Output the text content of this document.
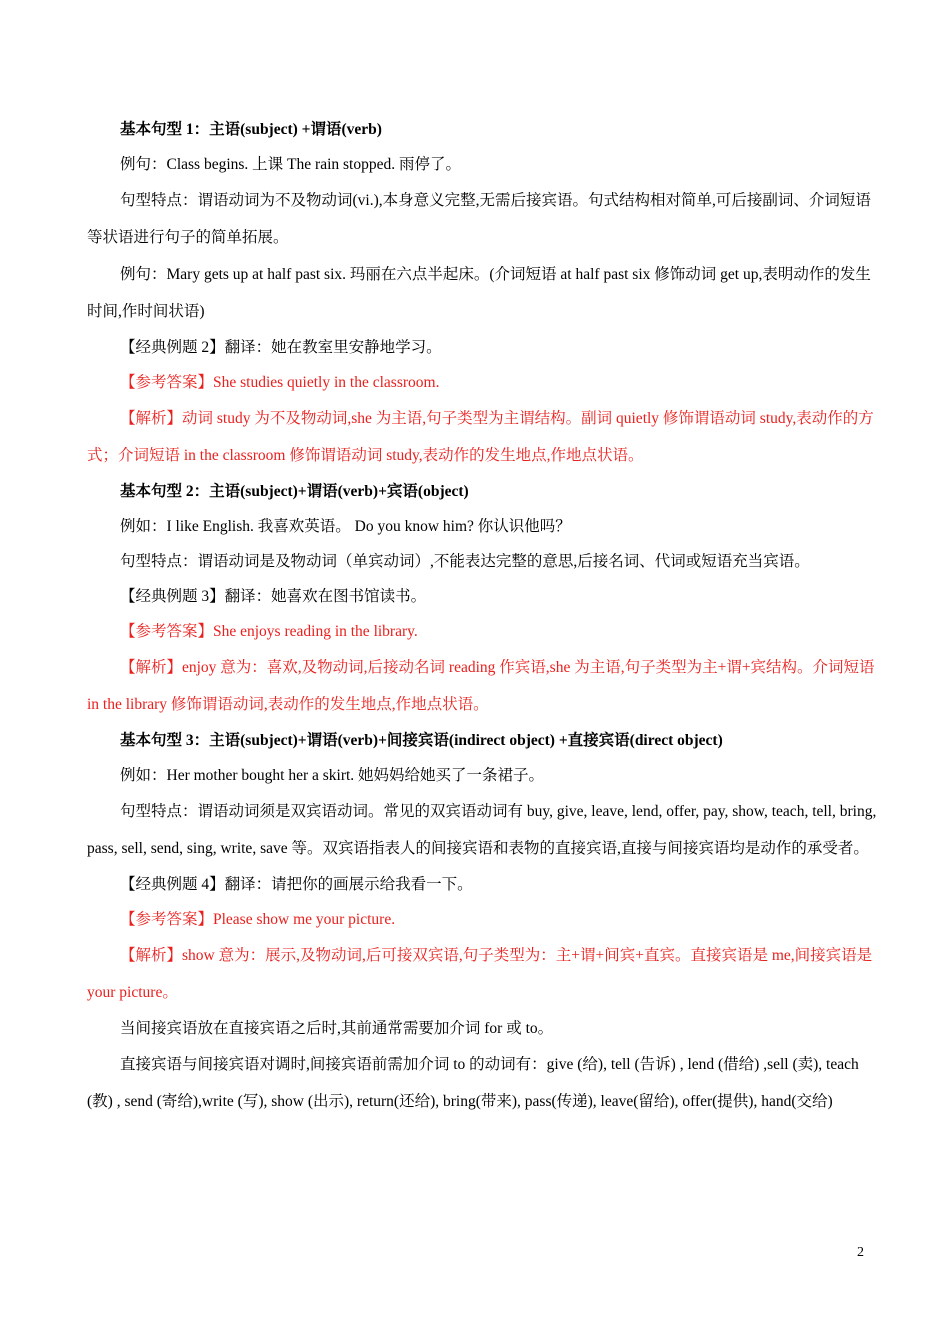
基本句型 1：主语(subject) +谓语(verb)

例句：Class begins. 上课 The rain stopped. 雨停了。

句型特点：谓语动词为不及物动词(vi.),本身意义完整,无需后接宾语。句式结构相对简单,可后接副词、介词短语等状语进行句子的简单拓展。

例句：Mary gets up at half past six. 玛丽在六点半起床。(介词短语 at half past six 修饰动词 get up,表明动作的发生时间,作时间状语)

【经典例题 2】翻译：她在教室里安静地学习。

【参考答案】She studies quietly in the classroom.

【解析】动词 study 为不及物动词,she 为主语,句子类型为主谓结构。副词 quietly 修饰谓语动词 study,表动作的方式；介词短语 in the classroom 修饰谓语动词 study,表动作的发生地点,作地点状语。

基本句型 2：主语(subject)+谓语(verb)+宾语(object)

例如：I like English. 我喜欢英语。 Do you know him? 你认识他吗？

句型特点：谓语动词是及物动词（单宾动词）,不能表达完整的意思,后接名词、代词或短语充当宾语。

【经典例题 3】翻译：她喜欢在图书馆读书。

【参考答案】She enjoys reading in the library.

【解析】enjoy 意为：喜欢,及物动词,后接动名词 reading 作宾语,she 为主语,句子类型为主+谓+宾结构。介词短语 in the library 修饰谓语动词,表动作的发生地点,作地点状语。

基本句型 3：主语(subject)+谓语(verb)+间接宾语(indirect object) +直接宾语(direct object)

例如：Her mother bought her a skirt. 她妈妈给她买了一条裙子。

句型特点：谓语动词须是双宾语动词。常见的双宾语动词有 buy, give, leave, lend, offer, pay, show, teach, tell, bring, pass, sell, send, sing, write, save 等。双宾语指表人的间接宾语和表物的直接宾语,直接与间接宾语均是动作的承受者。

【经典例题 4】翻译：请把你的画展示给我看一下。

【参考答案】Please show me your picture.

【解析】show 意为：展示,及物动词,后可接双宾语,句子类型为：主+谓+间宾+直宾。直接宾语是 me,间接宾语是 your picture。

当间接宾语放在直接宾语之后时,其前通常需要加介词 for 或 to。

直接宾语与间接宾语对调时,间接宾语前需加介词 to 的动词有：give (给), tell (告诉) , lend (借给) ,sell (卖), teach (教) , send (寄给),write (写), show (出示), return(还给), bring(带来), pass(传递), leave(留给), offer(提供), hand(交给)

2
